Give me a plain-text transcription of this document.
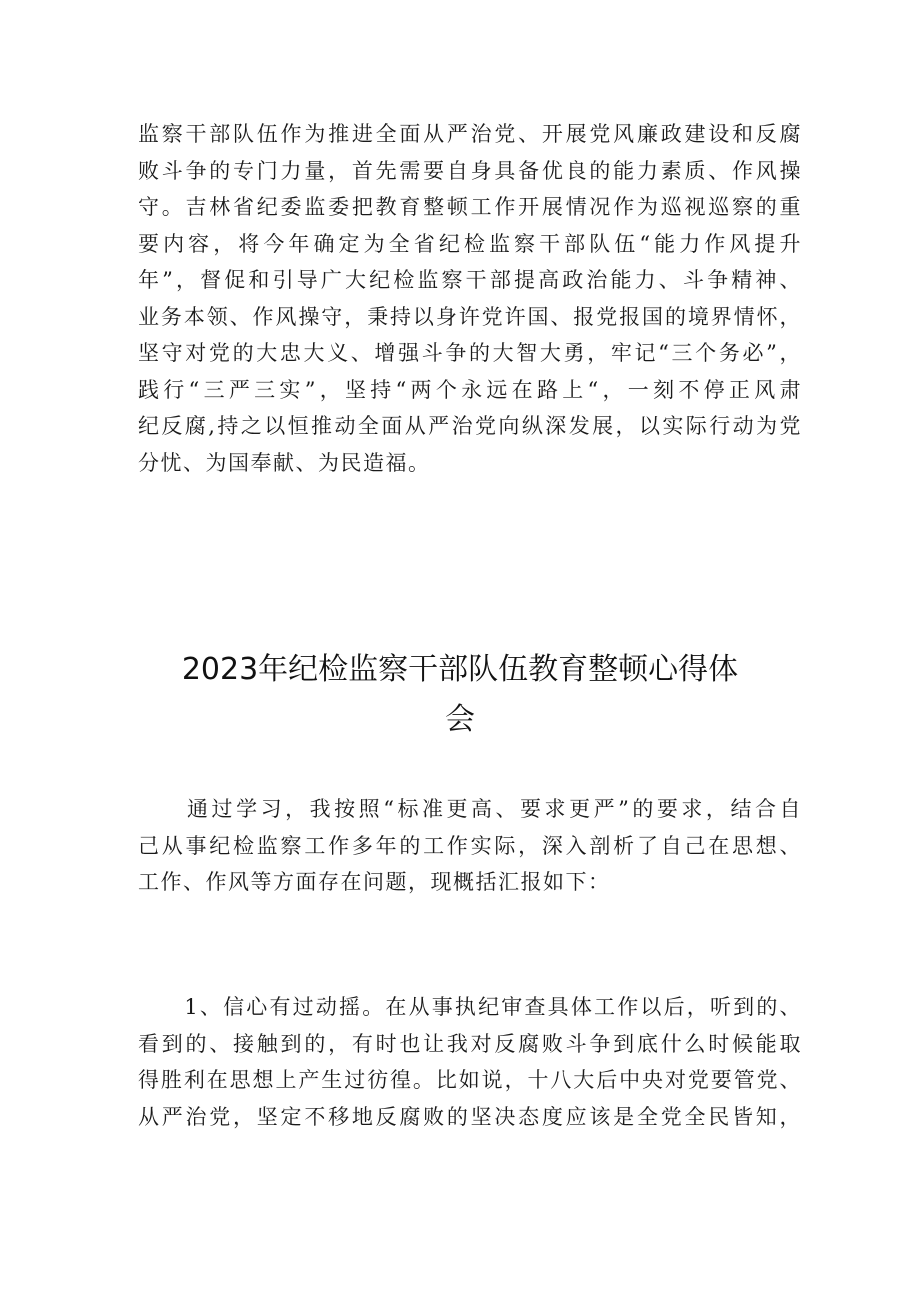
监察干部队伍作为推进全面从严治党、开展党风廉政建设和反腐
败斗争的专门力量，首先需要自身具备优良的能力素质、作风操
守。吉林省纪委监委把教育整顿工作开展情况作为巡视巡察的重
要内容，将今年确定为全省纪检监察干部队伍“能力作风提升
年”，督促和引导广大纪检监察干部提高政治能力、斗争精神、
业务本领、作风操守，秉持以身许党许国、报党报国的境界情怀，
坚守对党的大忠大义、增强斗争的大智大勇，牢记“三个务必”，
践行“三严三实”，坚持“两个永远在路上“，一刻不停正风肃
纪反腐,持之以恒推动全面从严治党向纵深发展，以实际行动为党
分忧、为国奉献、为民造福。
2023年纪检监察干部队伍教育整顿心得体
会
　　通过学习，我按照“标准更高、要求更严”的要求，结合自
己从事纪检监察工作多年的工作实际，深入剖析了自己在思想、
工作、作风等方面存在问题，现概括汇报如下：
　　1、信心有过动摇。在从事执纪审查具体工作以后，听到的、
看到的、接触到的，有时也让我对反腐败斗争到底什么时候能取
得胜利在思想上产生过彷徨。比如说，十八大后中央对党要管党、
从严治党，坚定不移地反腐败的坚决态度应该是全党全民皆知，
